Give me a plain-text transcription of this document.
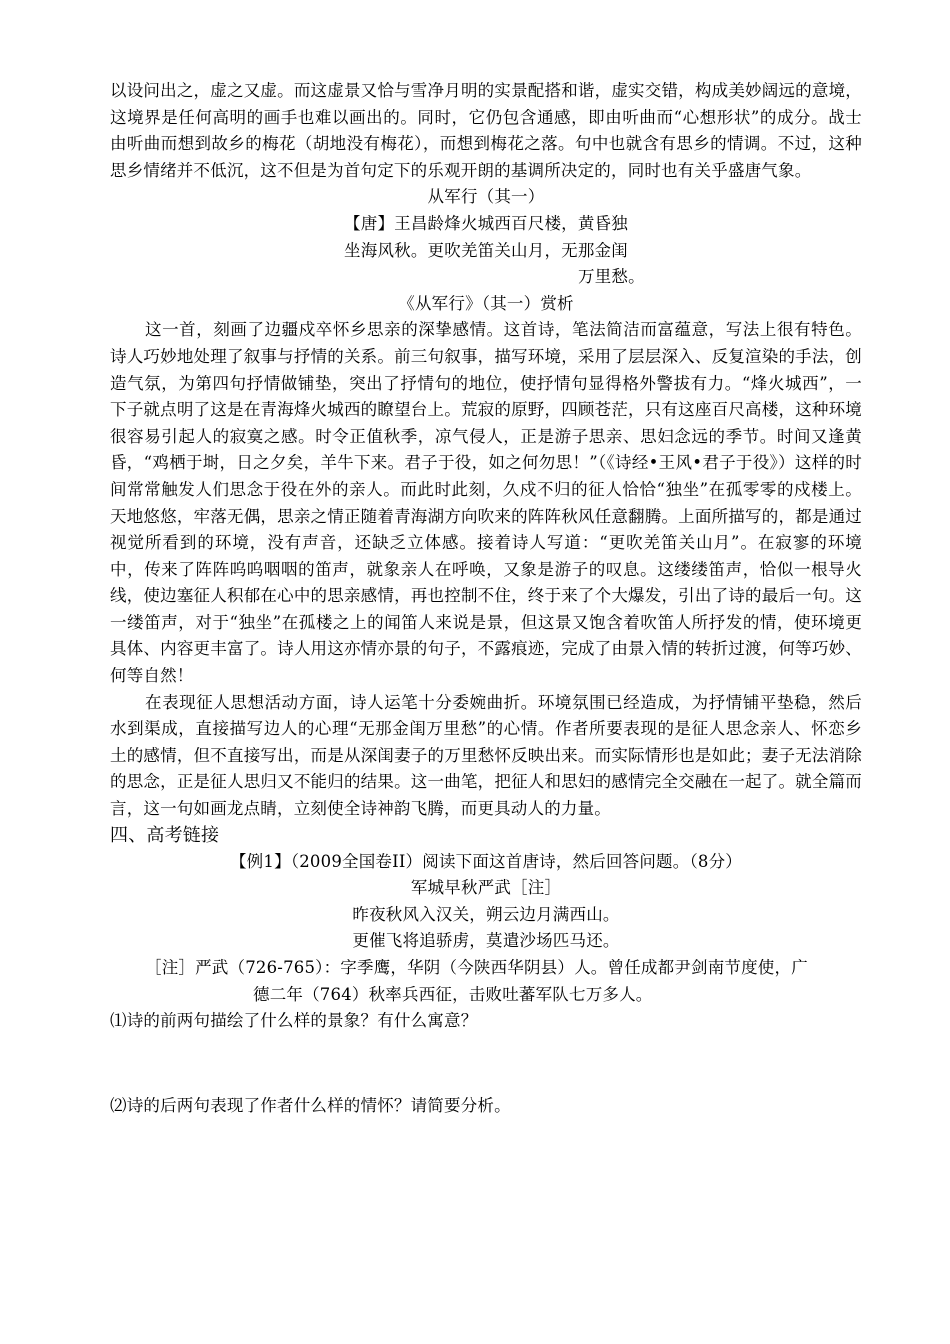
以设问出之，虚之又虚。而这虚景又恰与雪净月明的实景配搭和谐，虚实交错，构成美妙阔远的意境，这境界是任何高明的画手也难以画出的。同时，它仍包含通感，即由听曲而“心想形状”的成分。战士由听曲而想到故乡的梅花（胡地没有梅花），而想到梅花之落。句中也就含有思乡的情调。不过，这种思乡情绪并不低沉，这不但是为首句定下的乐观开朗的基调所决定的，同时也有关乎盛唐气象。

从军行（其一）

【唐】王昌龄烽火城西百尺楼，黄昏独

坐海风秋。更吹羌笛关山月，无那金闺

万里愁。

《从军行》（其一）赏析

这一首，刻画了边疆戍卒怀乡思亲的深挚感情。这首诗，笔法简洁而富蕴意，写法上很有特色。诗人巧妙地处理了叙事与抒情的关系。前三句叙事，描写环境，采用了层层深入、反复渲染的手法，创造气氛，为第四句抒情做铺垫，突出了抒情句的地位，使抒情句显得格外警拔有力。“烽火城西”，一下子就点明了这是在青海烽火城西的瞭望台上。荒寂的原野，四顾苍茫，只有这座百尺高楼，这种环境很容易引起人的寂寞之感。时令正值秋季，凉气侵人，正是游子思亲、思妇念远的季节。时间又逢黄昏，“鸡栖于埘，日之夕矣，羊牛下来。君子于役，如之何勿思！”（《诗经•王风•君子于役》）这样的时间常常触发人们思念于役在外的亲人。而此时此刻，久戍不归的征人恰恰“独坐”在孤零零的戍楼上。天地悠悠，牢落无偶，思亲之情正随着青海湖方向吹来的阵阵秋风任意翻腾。上面所描写的，都是通过视觉所看到的环境，没有声音，还缺乏立体感。接着诗人写道：“更吹羌笛关山月”。在寂寥的环境中，传来了阵阵呜呜咽咽的笛声，就象亲人在呼唤，又象是游子的叹息。这缕缕笛声，恰似一根导火线，使边塞征人积郁在心中的思亲感情，再也控制不住，终于来了个大爆发，引出了诗的最后一句。这一缕笛声，对于“独坐”在孤楼之上的闻笛人来说是景，但这景又饱含着吹笛人所抒发的情，使环境更具体、内容更丰富了。诗人用这亦情亦景的句子，不露痕迹，完成了由景入情的转折过渡，何等巧妙、何等自然！

在表现征人思想活动方面，诗人运笔十分委婉曲折。环境氛围已经造成，为抒情铺平垫稳，然后水到渠成，直接描写边人的心理“无那金闺万里愁”的心情。作者所要表现的是征人思念亲人、怀恋乡土的感情，但不直接写出，而是从深闺妻子的万里愁怀反映出来。而实际情形也是如此；妻子无法消除的思念，正是征人思归又不能归的结果。这一曲笔，把征人和思妇的感情完全交融在一起了。就全篇而言，这一句如画龙点睛，立刻使全诗神韵飞腾，而更具动人的力量。

四、高考链接

【例1】（2009全国卷II）阅读下面这首唐诗，然后回答问题。（8分）

军城早秋严武［注］

昨夜秋风入汉关，朔云边月满西山。

更催飞将追骄虏，莫遣沙场匹马还。

［注］严武（726-765）：字季鹰，华阴（今陕西华阴县）人。曾任成都尹剑南节度使，广

德二年（764）秋率兵西征，击败吐蕃军队七万多人。

⑴诗的前两句描绘了什么样的景象？有什么寓意？

⑵诗的后两句表现了作者什么样的情怀？请简要分析。
